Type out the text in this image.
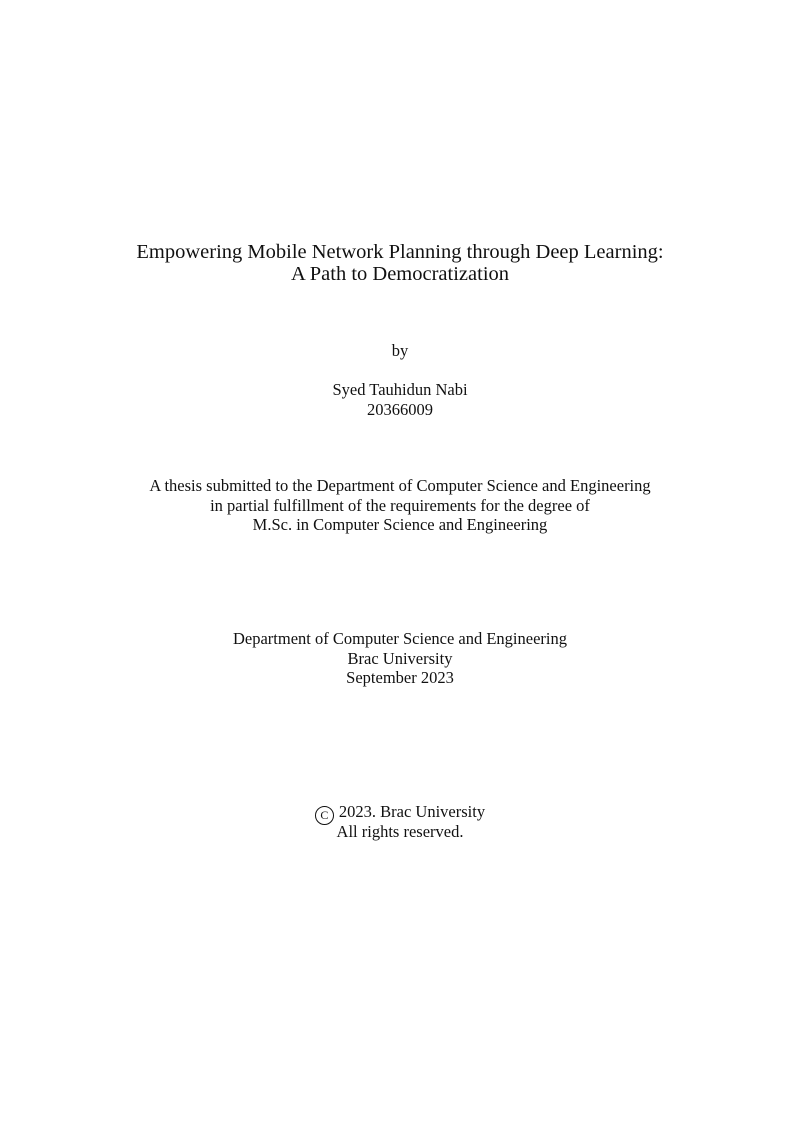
Empowering Mobile Network Planning through Deep Learning:
A Path to Democratization
by
Syed Tauhidun Nabi
20366009
A thesis submitted to the Department of Computer Science and Engineering
in partial fulfillment of the requirements for the degree of
M.Sc. in Computer Science and Engineering
Department of Computer Science and Engineering
Brac University
September 2023
C 2023. Brac University
All rights reserved.
